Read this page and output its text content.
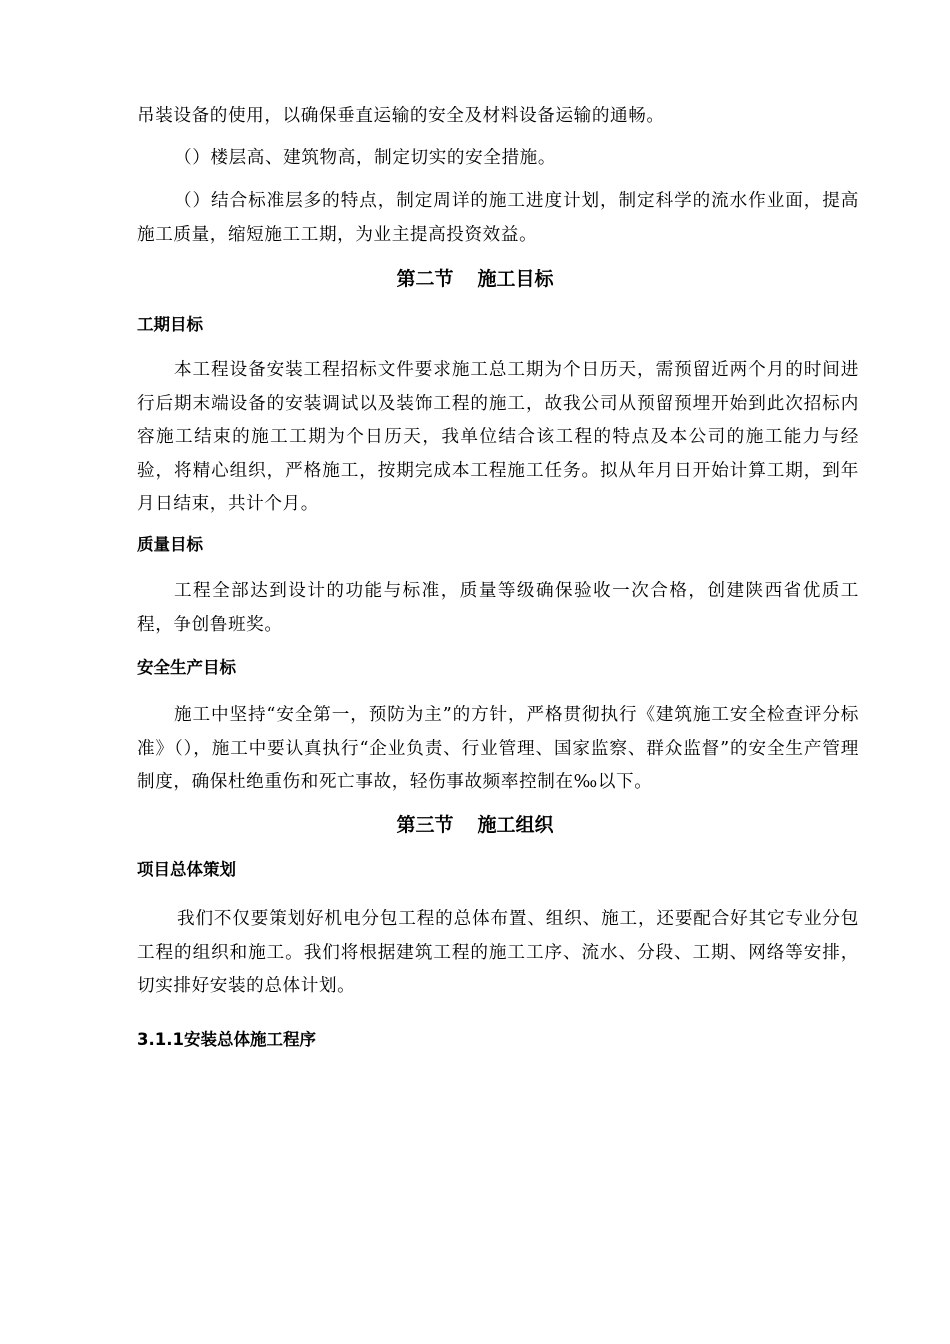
吊装设备的使用，以确保垂直运输的安全及材料设备运输的通畅。
（）楼层高、建筑物高，制定切实的安全措施。
（）结合标准层多的特点，制定周详的施工进度计划，制定科学的流水作业面，提高施工质量，缩短施工工期，为业主提高投资效益。
第二节 施工目标
工期目标
本工程设备安装工程招标文件要求施工总工期为个日历天，需预留近两个月的时间进行后期末端设备的安装调试以及装饰工程的施工，故我公司从预留预埋开始到此次招标内容施工结束的施工工期为个日历天，我单位结合该工程的特点及本公司的施工能力与经验，将精心组织，严格施工，按期完成本工程施工任务。拟从年月日开始计算工期，到年月日结束，共计个月。
质量目标
工程全部达到设计的功能与标准，质量等级确保验收一次合格，创建陕西省优质工程，争创鲁班奖。
安全生产目标
施工中坚持“安全第一，预防为主”的方针，严格贯彻执行《建筑施工安全检查评分标准》（），施工中要认真执行“企业负责、行业管理、国家监察、群众监督”的安全生产管理制度，确保杜绝重伤和死亡事故，轻伤事故频率控制在‰以下。
第三节 施工组织
项目总体策划
我们不仅要策划好机电分包工程的总体布置、组织、施工，还要配合好其它专业分包工程的组织和施工。我们将根据建筑工程的施工工序、流水、分段、工期、网络等安排，切实排好安装的总体计划。
3.1.1安装总体施工程序
